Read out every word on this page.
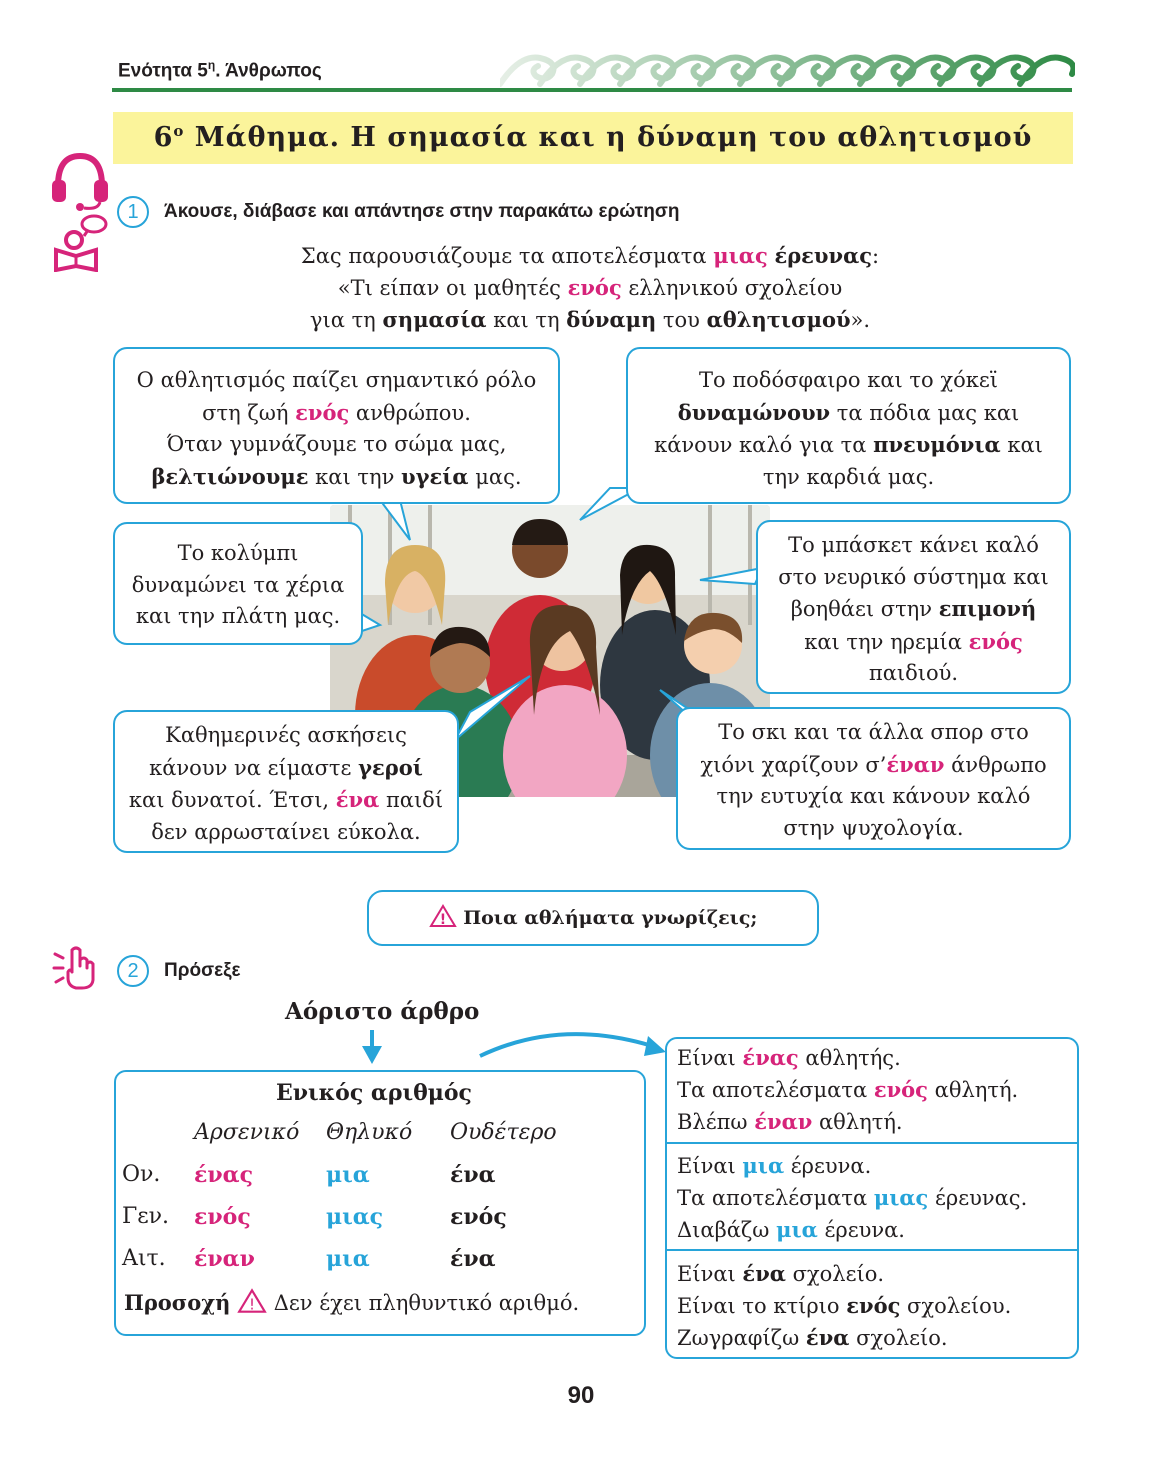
Ενότητα $5^\eta$. Άνθρωπος
$6^o$ Μάθημα. Η σημασία και η δύναμη του αθλητισμού
1	Άκουσε, διάβασε και απάντησε στην παρακάτω ερώτηση
Σας παρουσιάζουμε τα αποτελέσματα μιας έρευνας:
«Τι είπαν οι μαθητές ενός ελληνικού σχολείου
για τη σημασία και τη δύναμη του αθλητισμού».
Ο αθλητισμός παίζει σημαντικό ρόλο
στη ζωή ενός ανθρώπου.
Όταν γυμνάζουμε το σώμα μας,
βελτιώνουμε και την υγεία μας.
Το ποδόσφαιρο και το χόκεϊ
δυναμώνουν τα πόδια μας και
κάνουν καλό για τα πνευμόνια και
την καρδιά μας.
Το κολύμπι
δυναμώνει τα χέρια
και την πλάτη μας.
Το μπάσκετ κάνει καλό
στο νευρικό σύστημα και
βοηθάει στην επιμονή
και την ηρεμία ενός
παιδιού.
Καθημερινές ασκήσεις
κάνουν να είμαστε γεροί
και δυνατοί. Έτσι, ένα παιδί
δεν αρρωσταίνει εύκολα.
Το σκι και τα άλλα σπορ στο
χιόνι χαρίζουν σ’έναν άνθρωπο
την ευτυχία και κάνουν καλό
στην ψυχολογία.
! Ποια αθλήματα γνωρίζεις;
2	Πρόσεξε
Αόριστο άρθρο
Ενικός αριθμός
Αρσενικό Θηλυκό Ουδέτερο
Ον. ένας	μια	ένα
Γεν. ενός	μιας	ενός
Αιτ. έναν	μια	ένα
Προσοχή ! Δεν έχει πληθυντικό αριθμό.
Είναι ένας αθλητής.
Τα αποτελέσματα ενός αθλητή.
Βλέπω έναν αθλητή.
Είναι μια έρευνα.
Τα αποτελέσματα μιας έρευνας.
Διαβάζω μια έρευνα.
Είναι ένα σχολείο.
Είναι το κτίριο ενός σχολείου.
Ζωγραφίζω ένα σχολείο.
90
